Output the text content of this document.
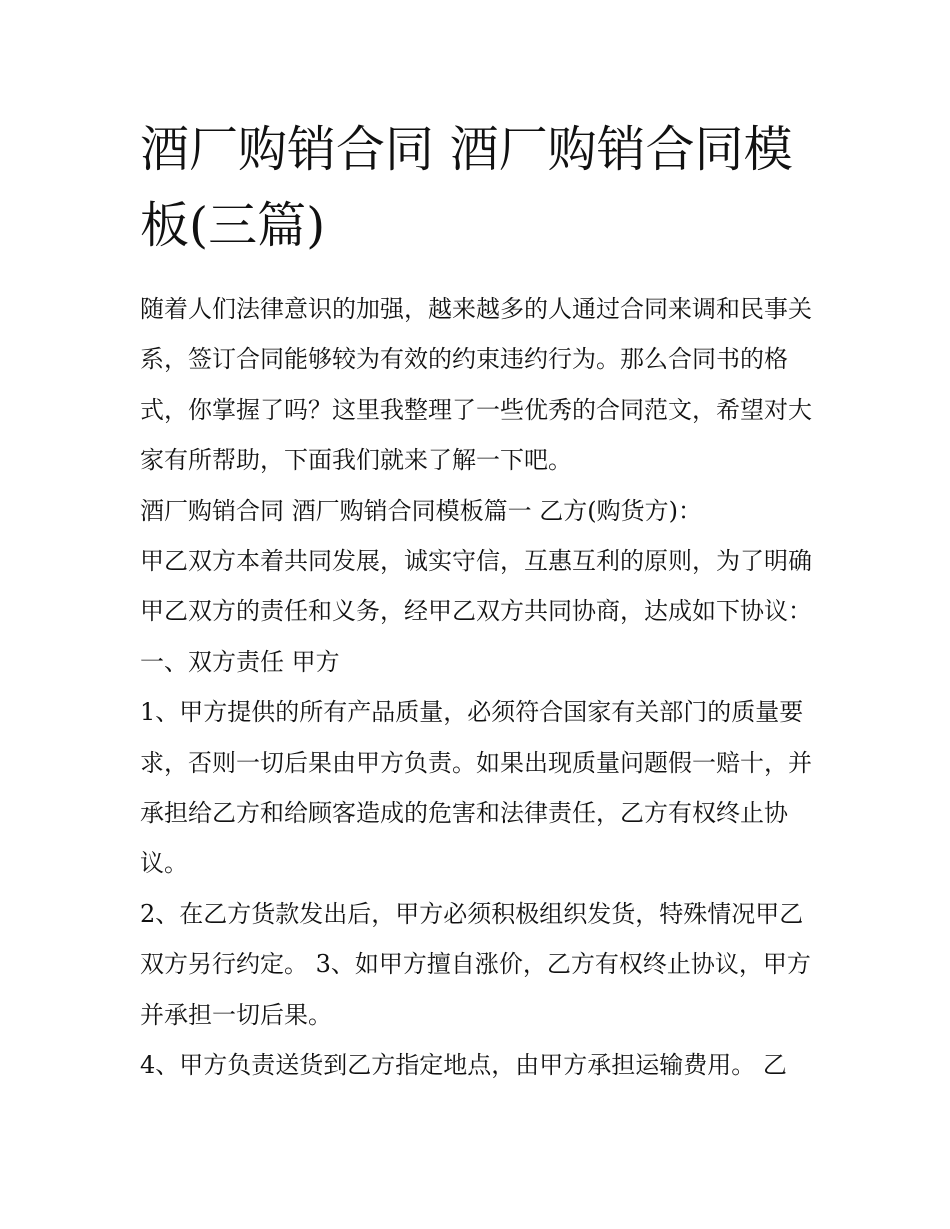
酒厂购销合同 酒厂购销合同模板(三篇)

随着人们法律意识的加强，越来越多的人通过合同来调和民事关系，签订合同能够较为有效的约束违约行为。那么合同书的格式，你掌握了吗？这里我整理了一些优秀的合同范文，希望对大家有所帮助，下面我们就来了解一下吧。

酒厂购销合同 酒厂购销合同模板篇一 乙方(购货方)：

甲乙双方本着共同发展，诚实守信，互惠互利的原则，为了明确甲乙双方的责任和义务，经甲乙双方共同协商，达成如下协议： 一、双方责任 甲方

1、甲方提供的所有产品质量，必须符合国家有关部门的质量要求，否则一切后果由甲方负责。如果出现质量问题假一赔十，并承担给乙方和给顾客造成的危害和法律责任，乙方有权终止协议。

2、在乙方货款发出后，甲方必须积极组织发货，特殊情况甲乙双方另行约定。 3、如甲方擅自涨价，乙方有权终止协议，甲方并承担一切后果。

4、甲方负责送货到乙方指定地点，由甲方承担运输费用。 乙
